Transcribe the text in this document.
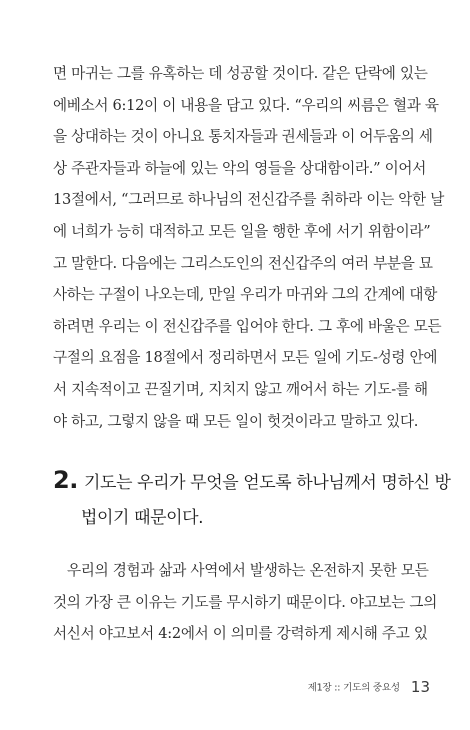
면 마귀는 그를 유혹하는 데 성공할 것이다. 같은 단락에 있는
에베소서 6:12이 이 내용을 담고 있다. “우리의 씨름은 혈과 육
을 상대하는 것이 아니요 통치자들과 권세들과 이 어두움의 세
상 주관자들과 하늘에 있는 악의 영들을 상대함이라.” 이어서
13절에서, “그러므로 하나님의 전신갑주를 취하라 이는 악한 날
에 너희가 능히 대적하고 모든 일을 행한 후에 서기 위함이라”
고 말한다. 다음에는 그리스도인의 전신갑주의 여러 부분을 묘
사하는 구절이 나오는데, 만일 우리가 마귀와 그의 간계에 대항
하려면 우리는 이 전신갑주를 입어야 한다. 그 후에 바울은 모든
구절의 요점을 18절에서 정리하면서 모든 일에 기도-성령 안에
서 지속적이고 끈질기며, 지치지 않고 깨어서 하는 기도-를 해
야 하고, 그렇지 않을 때 모든 일이 헛것이라고 말하고 있다.
2. 기도는 우리가 무엇을 얻도록 하나님께서 명하신 방
법이기 때문이다.
우리의 경험과 삶과 사역에서 발생하는 온전하지 못한 모든
것의 가장 큰 이유는 기도를 무시하기 때문이다. 야고보는 그의
서신서 야고보서 4:2에서 이 의미를 강력하게 제시해 주고 있
제1장 :: 기도의 중요성 13
